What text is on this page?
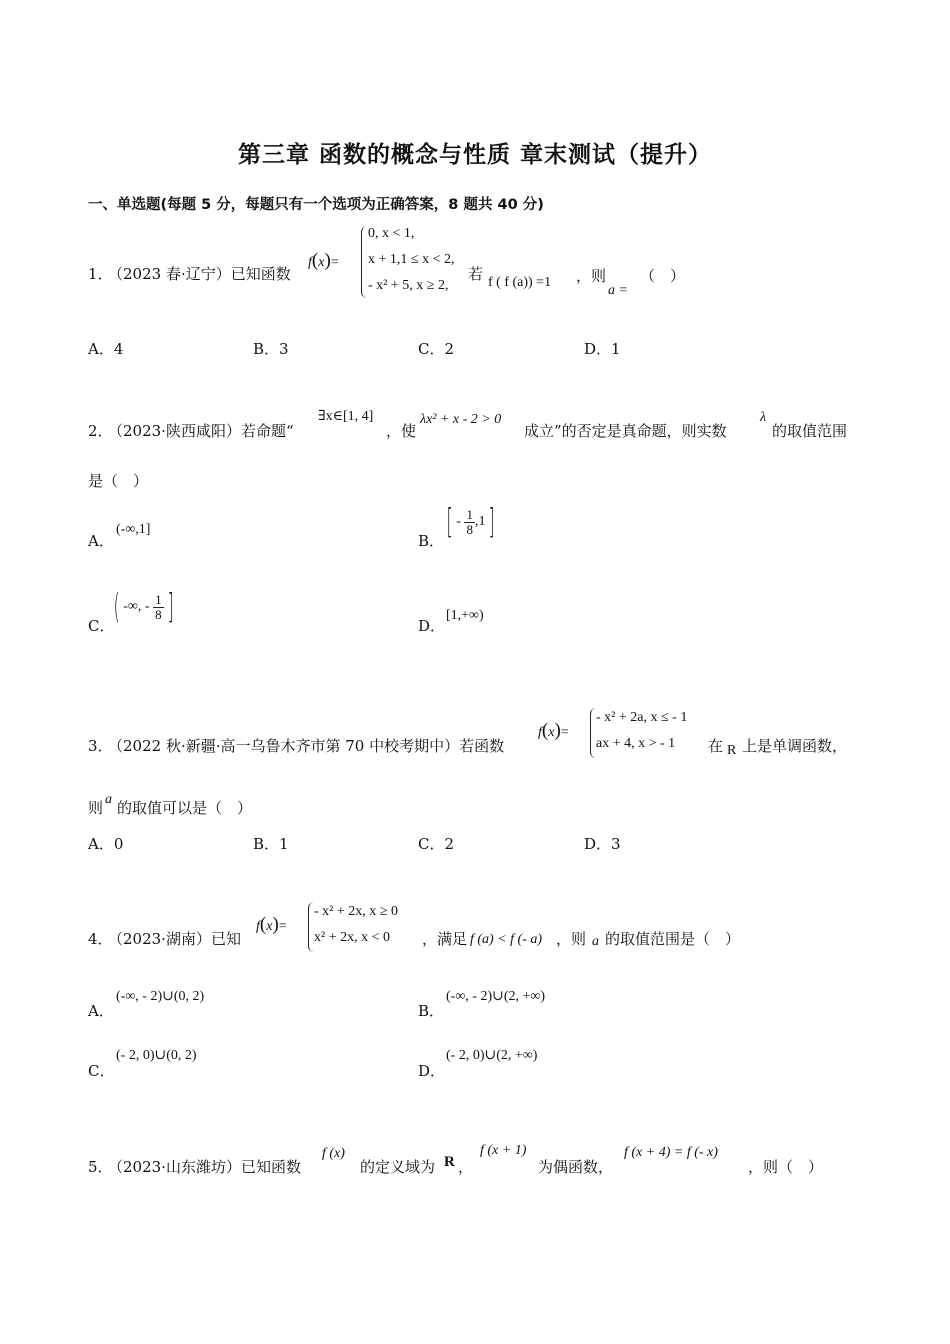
第三章 函数的概念与性质 章末测试（提升）
一、单选题(每题 5 分，每题只有一个选项为正确答案，8 题共 40 分)
1．
（2023 春·辽宁）已知函数
f(x)=
0, x < 1,
x + 1,1 ≤ x < 2,
- x² + 5, x ≥ 2,
若 f ( f (a)) =1 ，则
a =
（　）
A．4	B．3	C．2	D．1
2．
（2023·陕西咸阳）若命题“
∃x∈[1, 4]
，使
λx² + x - 2 > 0
成立”的否定是真命题，则实数
λ
的取值范围
是（　）
A．
(-∞,1]
B． [ - $\frac{1}{8} ,1$ ]
C． ( -∞, - $\frac{1}{8}$ ]	D．
[1,+∞)
3．
（2022 秋·新疆·高一乌鲁木齐市第 70 中校考期中）若函数
f(x)=
- x² + 2a, x ≤ - 1
ax + 4, x > - 1 在 R 上是单调函数，
则 a 的取值可以是（　）
A．0	B．1	C．2	D．3
4．
（2023·湖南）已知
f(x)=
- x² + 2x, x ≥ 0
x² + 2x, x < 0 ，满足 f (a) < f (- a) ，则 a 的取值范围是（　）
A．
(-∞, - 2)∪(0, 2)
B．
(-∞, - 2)∪(2, +∞)
C．
(- 2, 0)∪(0, 2)
D．
(- 2, 0)∪(2, +∞)
5．
（2023·山东潍坊）已知函数
f (x)
的定义域为 R ，
f (x + 1)
为偶函数，
f (x + 4) = f (- x)
，则（　）
